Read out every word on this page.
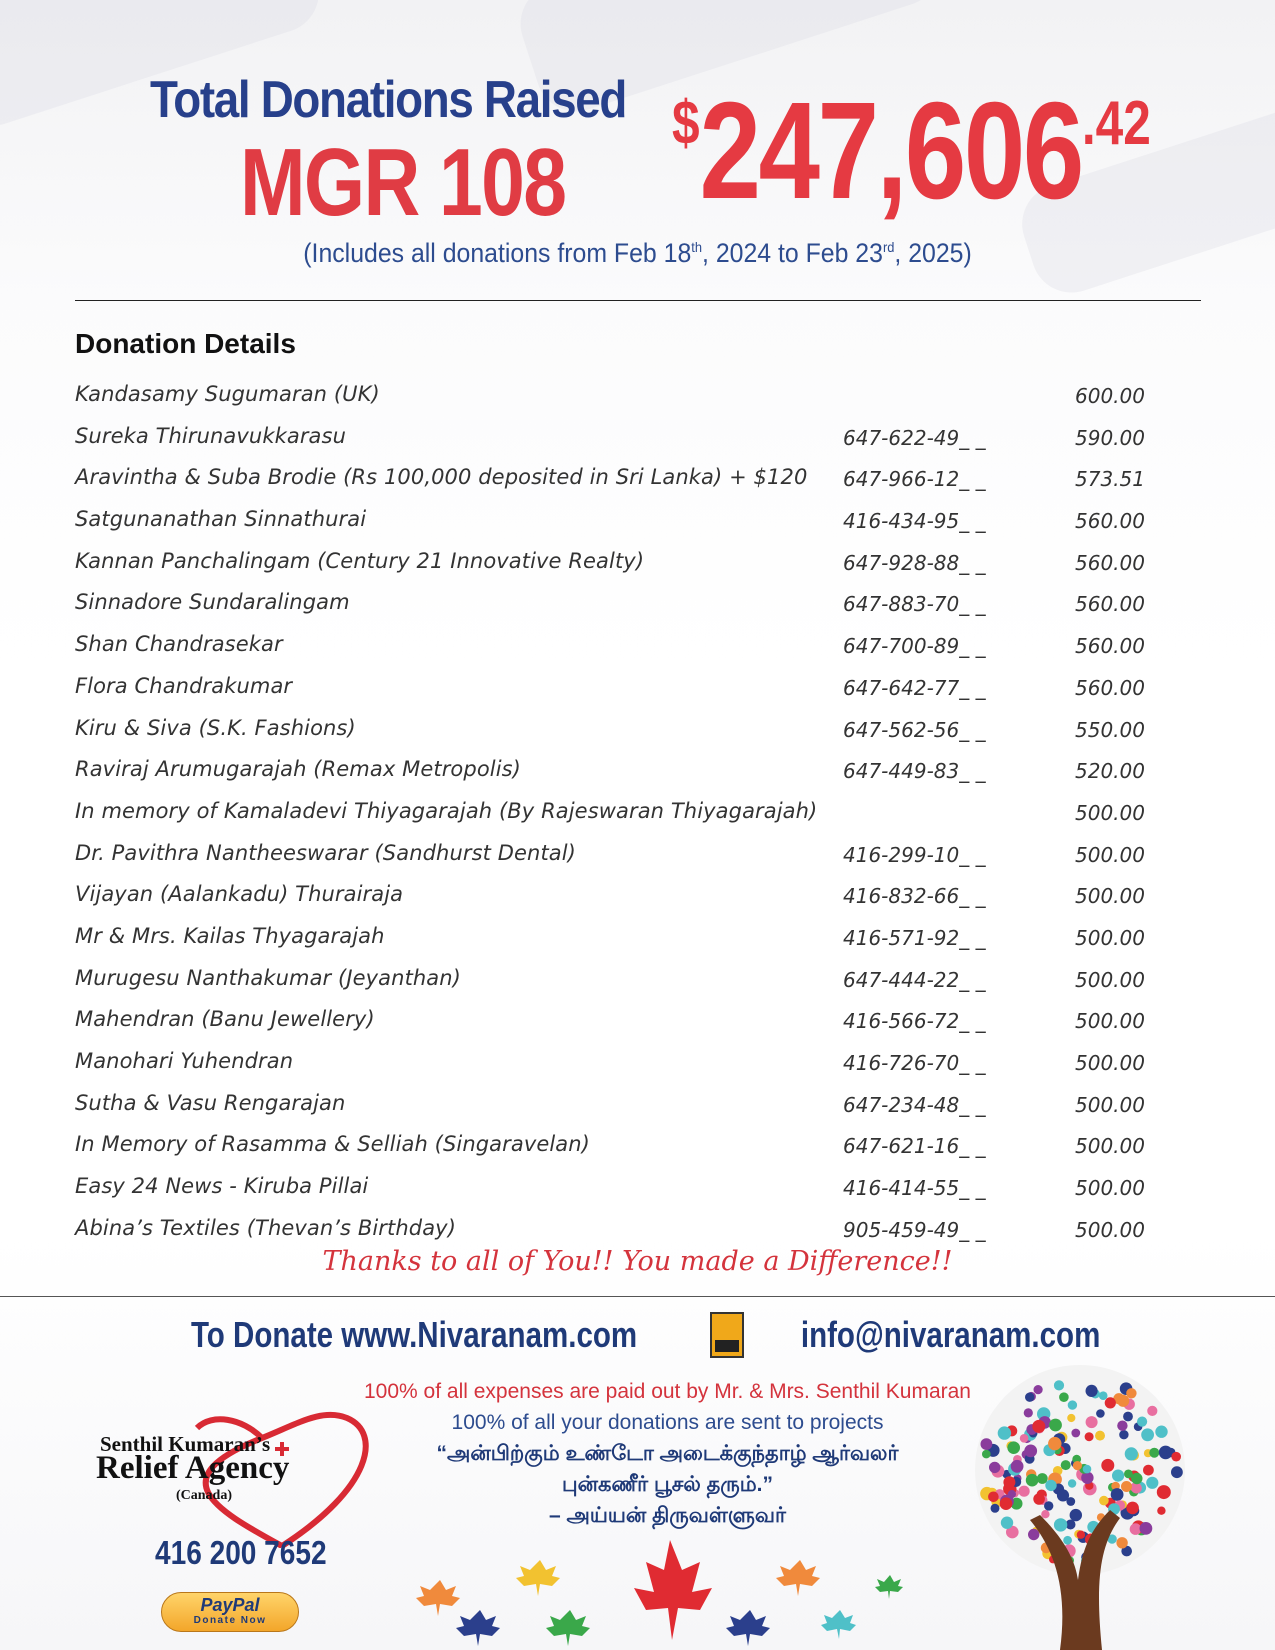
Total Donations Raised
MGR 108
$247,606.42
(Includes all donations from Feb 18th, 2024 to Feb 23rd, 2025)
Donation Details
Kandasamy Sugumaran (UK)	600.00
Sureka Thirunavukkarasu	647-622-49_ _	590.00
Aravintha & Suba Brodie (Rs 100,000 deposited in Sri Lanka) + $120 647-966-12_ _	573.51
Satgunanathan Sinnathurai	416-434-95_ _	560.00
Kannan Panchalingam (Century 21 Innovative Realty)	647-928-88_ _	560.00
Sinnadore Sundaralingam	647-883-70_ _	560.00
Shan Chandrasekar	647-700-89_ _	560.00
Flora Chandrakumar	647-642-77_ _	560.00
Kiru & Siva (S.K. Fashions)	647-562-56_ _	550.00
Raviraj Arumugarajah (Remax Metropolis)	647-449-83_ _	520.00
In memory of Kamaladevi Thiyagarajah (By Rajeswaran Thiyagarajah)	500.00
Dr. Pavithra Nantheeswarar (Sandhurst Dental)	416-299-10_ _	500.00
Vijayan (Aalankadu) Thurairaja	416-832-66_ _	500.00
Mr & Mrs. Kailas Thyagarajah	416-571-92_ _	500.00
Murugesu Nanthakumar (Jeyanthan)	647-444-22_ _	500.00
Mahendran (Banu Jewellery)	416-566-72_ _	500.00
Manohari Yuhendran	416-726-70_ _	500.00
Sutha & Vasu Rengarajan	647-234-48_ _	500.00
In Memory of Rasamma & Selliah (Singaravelan)	647-621-16_ _	500.00
Easy 24 News - Kiruba Pillai	416-414-55_ _	500.00
Abina’s Textiles (Thevan’s Birthday)	905-459-49_ _	500.00
Thanks to all of You!! You made a Difference!!
To Donate www.Nivaranam.com	info@nivaranam.com
100% of all expenses are paid out by Mr. & Mrs. Senthil Kumaran
100% of all your donations are sent to projects
“அன்பிற்கும் உண்டோ அடைக்குந்தாழ் ஆர்வலர்
புன்கணீர் பூசல் தரும்.”
– அய்யன் திருவள்ளுவர்
Senthil Kumaran’s
Relief Agency
(Canada)
416 200 7652
PayPal
Donate Now
